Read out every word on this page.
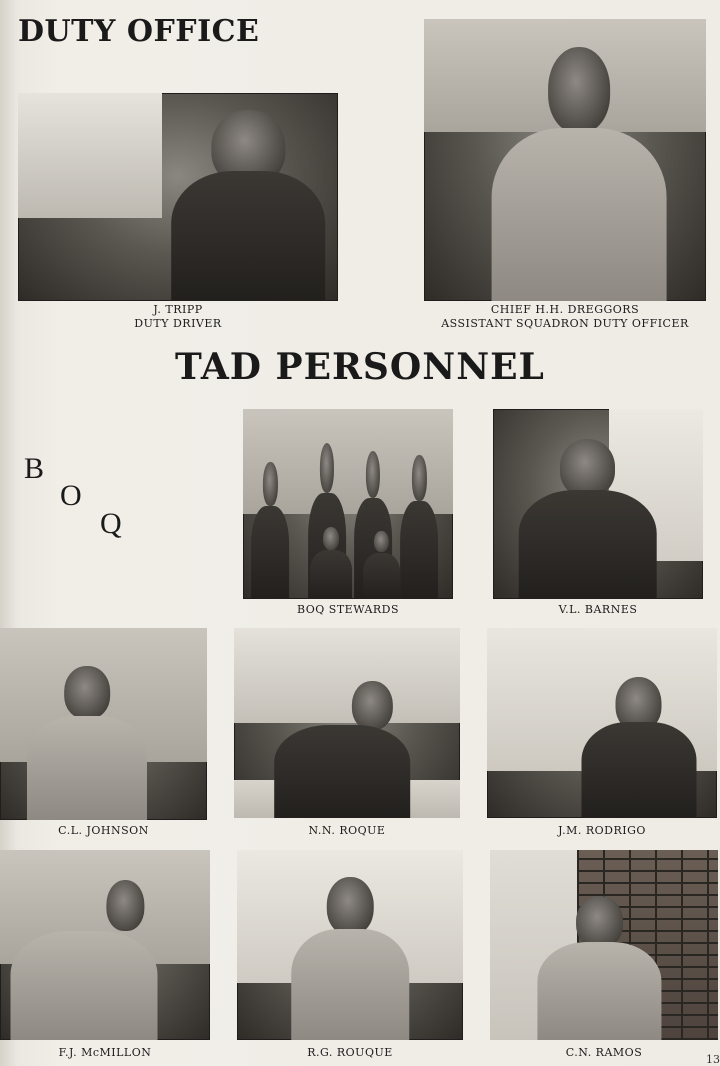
DUTY OFFICE
J. TRIPP
DUTY DRIVER
CHIEF H.H. DREGGORS
ASSISTANT SQUADRON DUTY OFFICER
TAD PERSONNEL
B
O
Q
BOQ STEWARDS	V.L. BARNES
C.L. JOHNSON	N.N. ROQUE	J.M. RODRIGO
F.J. McMILLON	R.G. ROUQUE	C.N. RAMOS
13
